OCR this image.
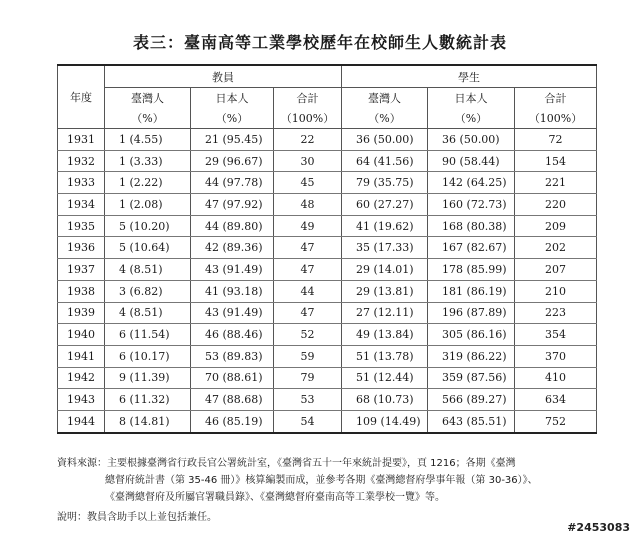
表三：臺南高等工業學校歷年在校師生人數統計表
年度	教員			學生		
	臺灣人	日本人	合計	臺灣人	日本人	合計
	（%）	（%）	（100%）	（%）	（%）	（100%）
1931	1 (4.55)	21 (95.45)	22	36 (50.00)	36 (50.00)	72
1932	1 (3.33)	29 (96.67)	30	64 (41.56)	90 (58.44)	154
1933	1 (2.22)	44 (97.78)	45	79 (35.75)	142 (64.25)	221
1934	1 (2.08)	47 (97.92)	48	60 (27.27)	160 (72.73)	220
1935	5 (10.20)	44 (89.80)	49	41 (19.62)	168 (80.38)	209
1936	5 (10.64)	42 (89.36)	47	35 (17.33)	167 (82.67)	202
1937	4 (8.51)	43 (91.49)	47	29 (14.01)	178 (85.99)	207
1938	3 (6.82)	41 (93.18)	44	29 (13.81)	181 (86.19)	210
1939	4 (8.51)	43 (91.49)	47	27 (12.11)	196 (87.89)	223
1940	6 (11.54)	46 (88.46)	52	49 (13.84)	305 (86.16)	354
1941	6 (10.17)	53 (89.83)	59	51 (13.78)	319 (86.22)	370
1942	9 (11.39)	70 (88.61)	79	51 (12.44)	359 (87.56)	410
1943	6 (11.32)	47 (88.68)	53	68 (10.73)	566 (89.27)	634
1944	8 (14.81)	46 (85.19)	54	109 (14.49)	643 (85.51)	752
資料來源：主要根據臺灣省行政長官公署統計室，《臺灣省五十一年來統計提要》，頁 1216；各期《臺灣
總督府統計書（第 35-46 冊）》核算編製而成，並參考各期《臺灣總督府學事年報（第 30-36）》、
《臺灣總督府及所屬官署職員錄》、《臺灣總督府臺南高等工業學校一覽》等。
說明：教員含助手以上並包括兼任。
#2453083
